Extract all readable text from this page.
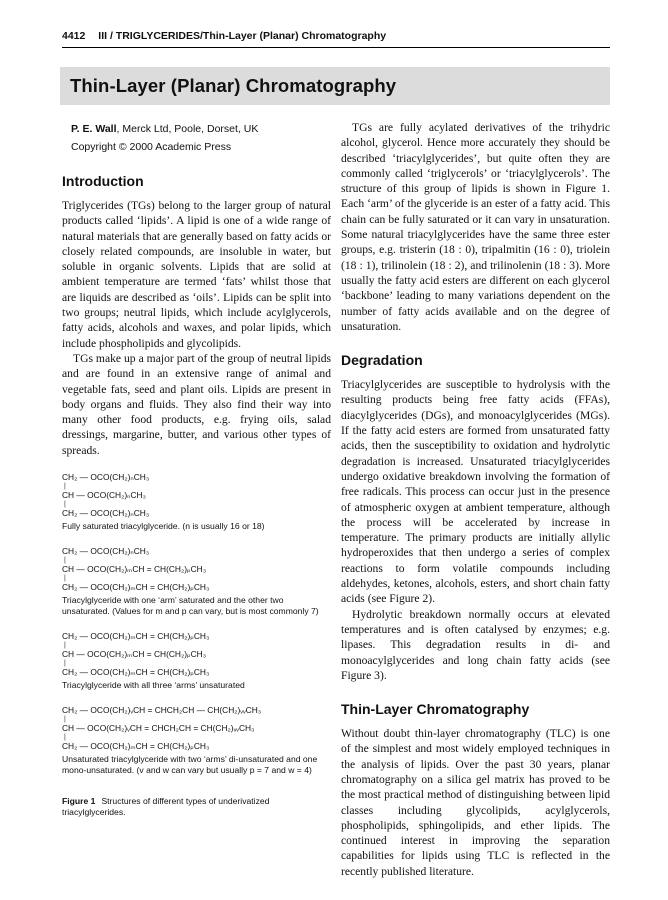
4412 III / TRIGLYCERIDES/Thin-Layer (Planar) Chromatography
Thin-Layer (Planar) Chromatography
P. E. Wall, Merck Ltd, Poole, Dorset, UK
Copyright © 2000 Academic Press
Introduction

Triglycerides (TGs) belong to the larger group of natural products called ‘lipids’. A lipid is one of a wide range of natural materials that are generally based on fatty acids or closely related compounds, are insoluble in water, but soluble in organic solvents. Lipids that are solid at ambient temperature are termed ‘fats’ whilst those that are liquids are described as ‘oils’. Lipids can be split into two groups; neutral lipids, which include acylglycerols, fatty acids, alcohols and waxes, and polar lipids, which include phospholipids and glycolipids.

TGs make up a major part of the group of neutral lipids and are found in an extensive range of animal and vegetable fats, seed and plant oils. Lipids are present in body organs and fluids. They also find their way into many other food products, e.g. frying oils, salad dressings, margarine, butter, and various other types of spreads.

CH₂ — OCO(CH₂)ₙCH₃
|
CH — OCO(CH₂)ₙCH₃
|
CH₂ — OCO(CH₂)ₙCH₃
Fully saturated triacylglyceride. (n is usually 16 or 18)
CH₂ — OCO(CH₂)ₙCH₃
|
CH — OCO(CH₂)ₘCH = CH(CH₂)ₚCH₃
|
CH₂ — OCO(CH₂)ₘCH = CH(CH₂)ₚCH₃
Triacylglyceride with one ‘arm’ saturated and the other two unsaturated. (Values for m and p can vary, but is most commonly 7)
CH₂ — OCO(CH₂)ₘCH = CH(CH₂)ₚCH₃
|
CH — OCO(CH₂)ₘCH = CH(CH₂)ₚCH₃
|
CH₂ — OCO(CH₂)ₘCH = CH(CH₂)ₚCH₃
Triacylglyceride with all three ‘arms’ unsaturated
CH₂ — OCO(CH₂)ᵥCH = CHCH₂CH — CH(CH₂)ᵥᵥCH₃
|
CH — OCO(CH₂)ᵥCH = CHCH₂CH = CH(CH₂)ᵥᵥCH₃
|
CH₂ — OCO(CH₂)ₘCH = CH(CH₂)ₚCH₃
Unsaturated triacylglyceride with two ‘arms’ di-unsaturated and one mono-unsaturated. (v and w can vary but usually p = 7 and w = 4)
Figure 1 Structures of different types of underivatized triacylglycerides.

TGs are fully acylated derivatives of the trihydric alcohol, glycerol. Hence more accurately they should be described ‘triacylglycerides’, but quite often they are commonly called ‘triglycerols’ or ‘triacylglycerols’. The structure of this group of lipids is shown in Figure 1. Each ‘arm’ of the glyceride is an ester of a fatty acid. This chain can be fully saturated or it can vary in unsaturation. Some natural triacylglycerides have the same three ester groups, e.g. tristerin (18 : 0), tripalmitin (16 : 0), triolein (18 : 1), trilinolein (18 : 2), and trilinolenin (18 : 3). More usually the fatty acid esters are different on each glycerol ‘backbone’ leading to many variations dependent on the number of fatty acids available and on the degree of unsaturation.

Degradation

Triacylglycerides are susceptible to hydrolysis with the resulting products being free fatty acids (FFAs), diacylglycerides (DGs), and monoacylglycerides (MGs). If the fatty acid esters are formed from unsaturated fatty acids, then the susceptibility to oxidation and hydrolytic degradation is increased. Unsaturated triacylglycerides undergo oxidative breakdown involving the formation of free radicals. This process can occur just in the presence of atmospheric oxygen at ambient temperature, although the process will be accelerated by increase in temperature. The primary products are initially allylic hydroperoxides that then undergo a series of complex reactions to form volatile compounds including aldehydes, ketones, alcohols, esters, and short chain fatty acids (see Figure 2).

Hydrolytic breakdown normally occurs at elevated temperatures and is often catalysed by enzymes; e.g. lipases. This degradation results in di- and monoacylglycerides and long chain fatty acids (see Figure 3).

Thin-Layer Chromatography

Without doubt thin-layer chromatography (TLC) is one of the simplest and most widely employed techniques in the analysis of lipids. Over the past 30 years, planar chromatography on a silica gel matrix has proved to be the most practical method of distinguishing between lipid classes including glycolipids, acylglycerols, phospholipids, sphingolipids, and ether lipids. The continued interest in improving the separation capabilities for lipids using TLC is reflected in the recently published literature.
